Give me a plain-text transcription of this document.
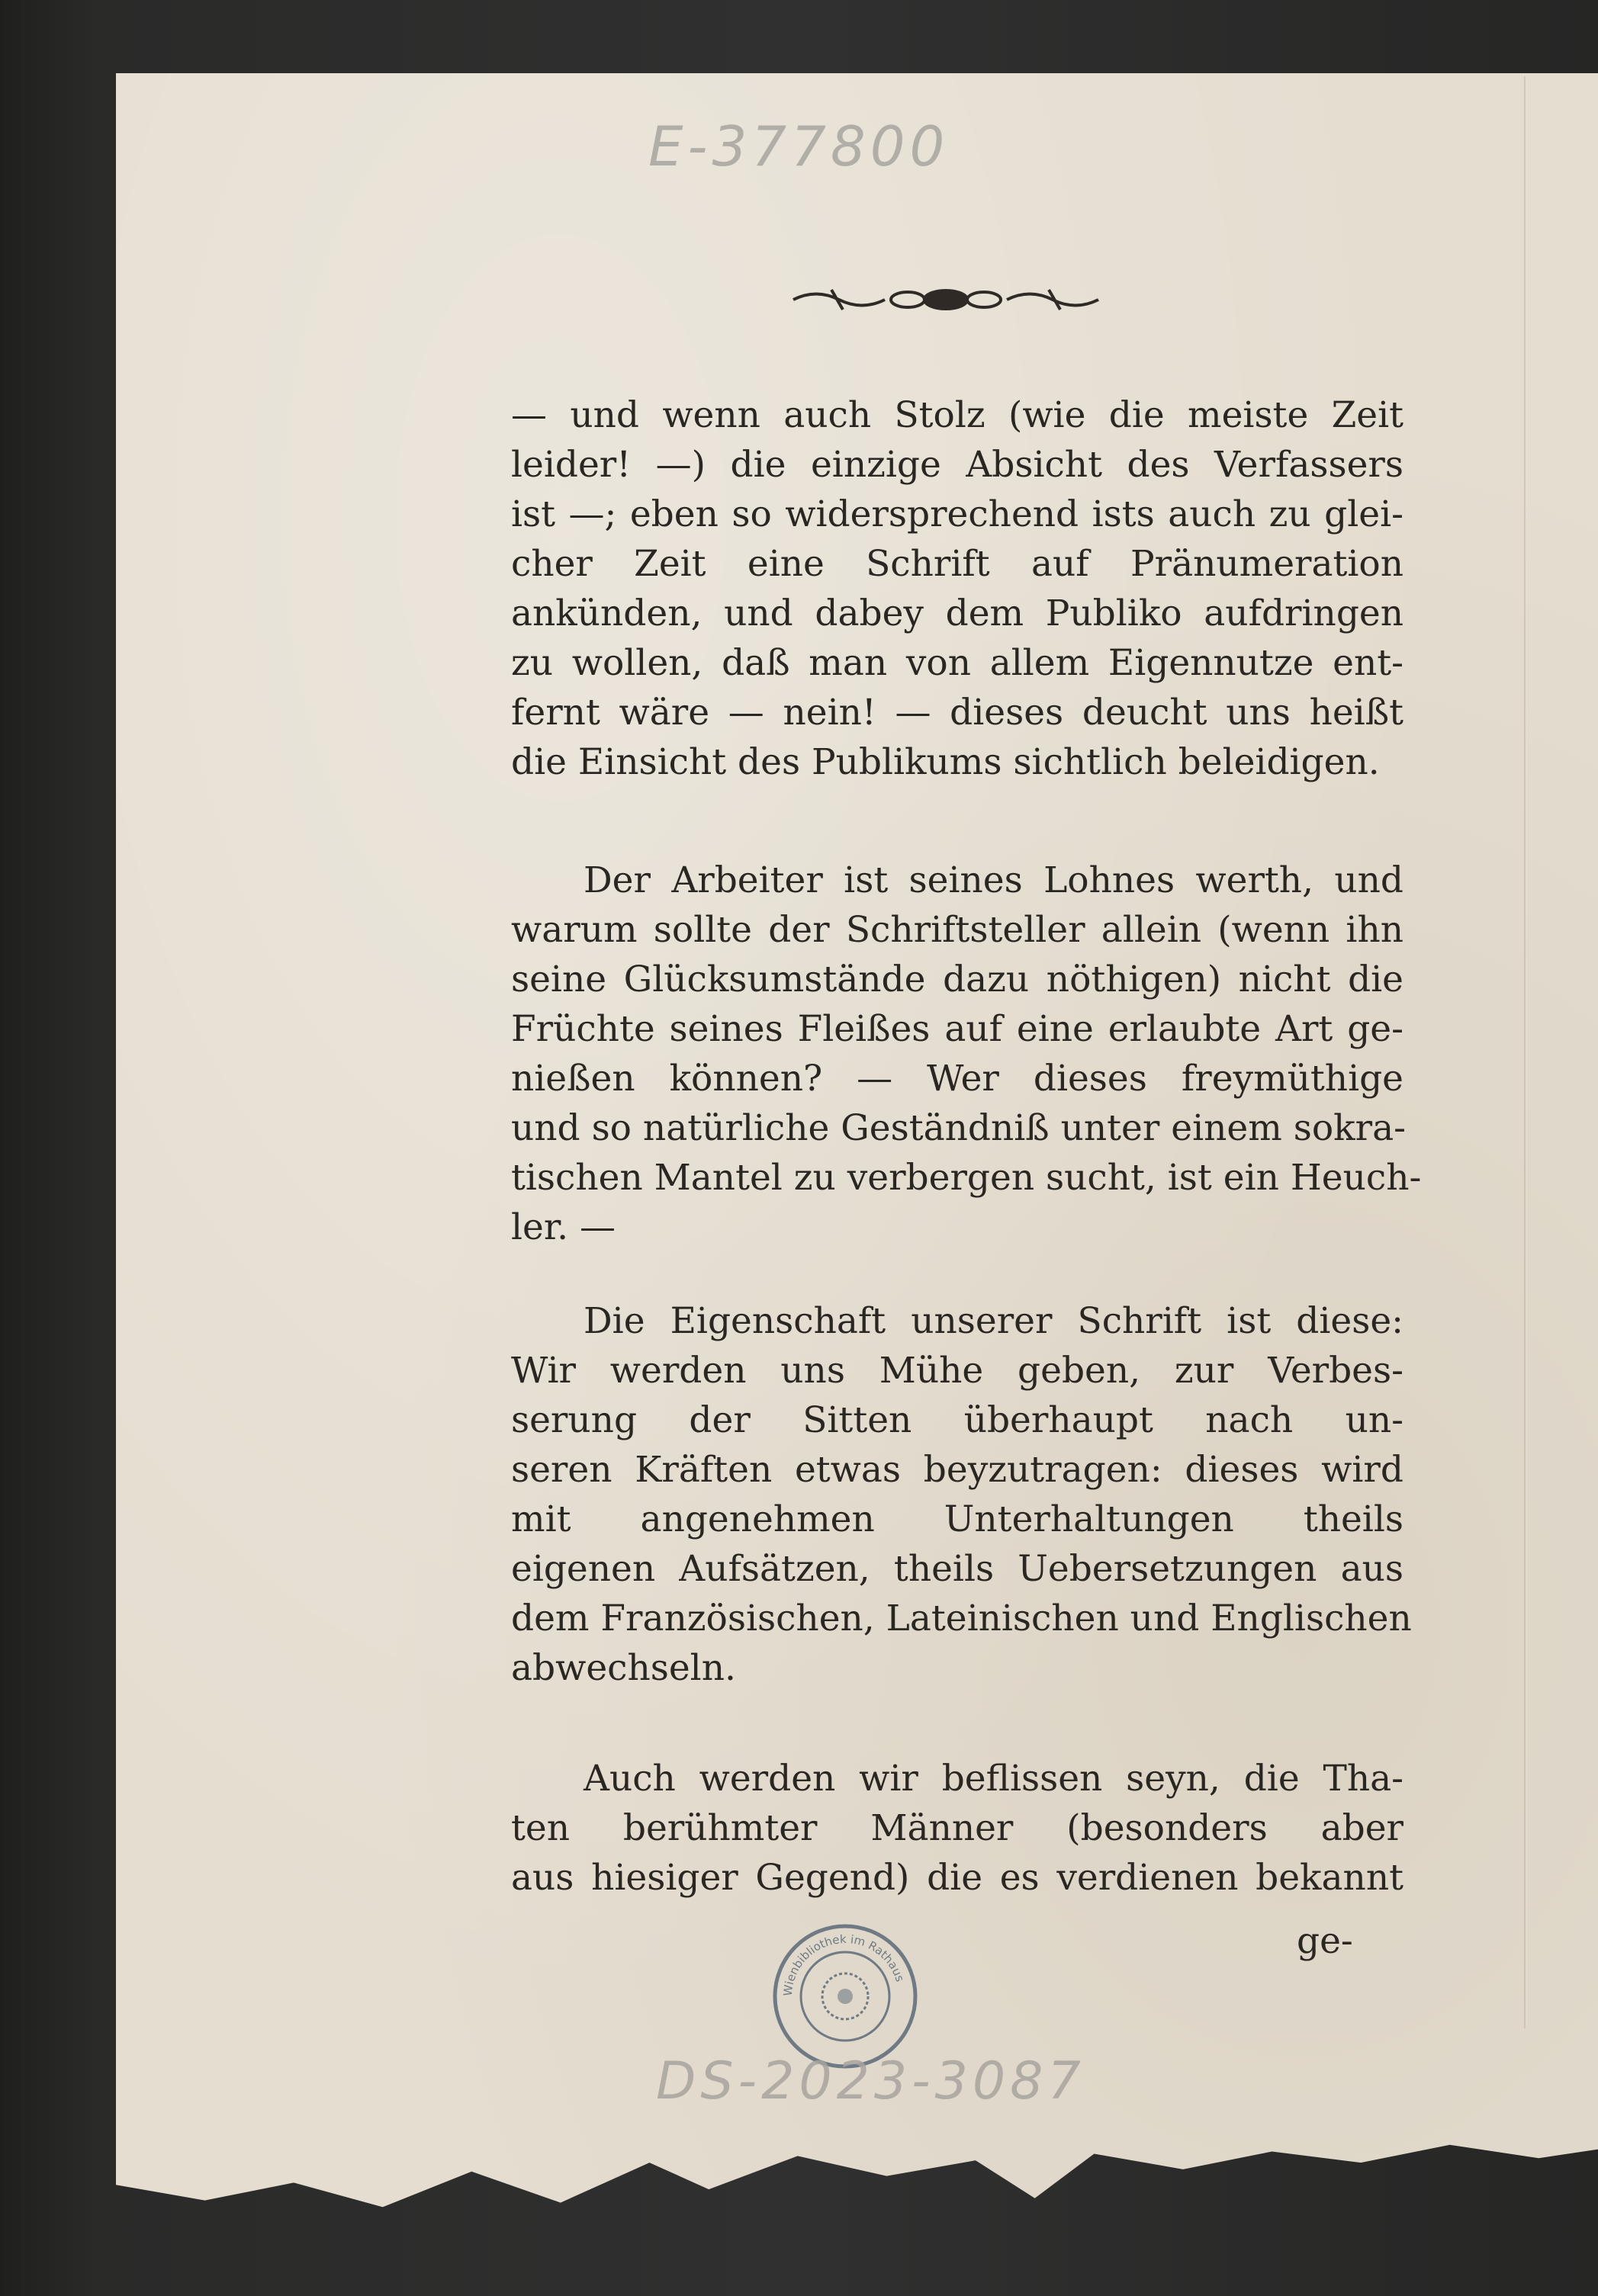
E-377800
— und wenn auch Stolz (wie die meiste Zeit
leider! —) die einzige Absicht des Verfassers
ist —; eben so widersprechend ists auch zu glei-
cher Zeit eine Schrift auf Pränumeration
ankünden, und dabey dem Publiko aufdringen
zu wollen, daß man von allem Eigennutze ent-
fernt wäre — nein! — dieses deucht uns heißt
die Einsicht des Publikums sichtlich beleidigen.
Der Arbeiter ist seines Lohnes werth, und
warum sollte der Schriftsteller allein (wenn ihn
seine Glücksumstände dazu nöthigen) nicht die
Früchte seines Fleißes auf eine erlaubte Art ge-
nießen können? — Wer dieses freymüthige
und so natürliche Geständniß unter einem sokra-
tischen Mantel zu verbergen sucht, ist ein Heuch-
ler. —
Die Eigenschaft unserer Schrift ist diese:
Wir werden uns Mühe geben, zur Verbes-
serung der Sitten überhaupt nach un-
seren Kräften etwas beyzutragen: dieses wird
mit angenehmen Unterhaltungen theils
eigenen Aufsätzen, theils Uebersetzungen aus
dem Französischen, Lateinischen und Englischen
abwechseln.
Auch werden wir beflissen seyn, die Tha-
ten berühmter Männer (besonders aber
aus hiesiger Gegend) die es verdienen bekannt
ge-
Wienbibliothek im Rathaus
DS-2023-3087
